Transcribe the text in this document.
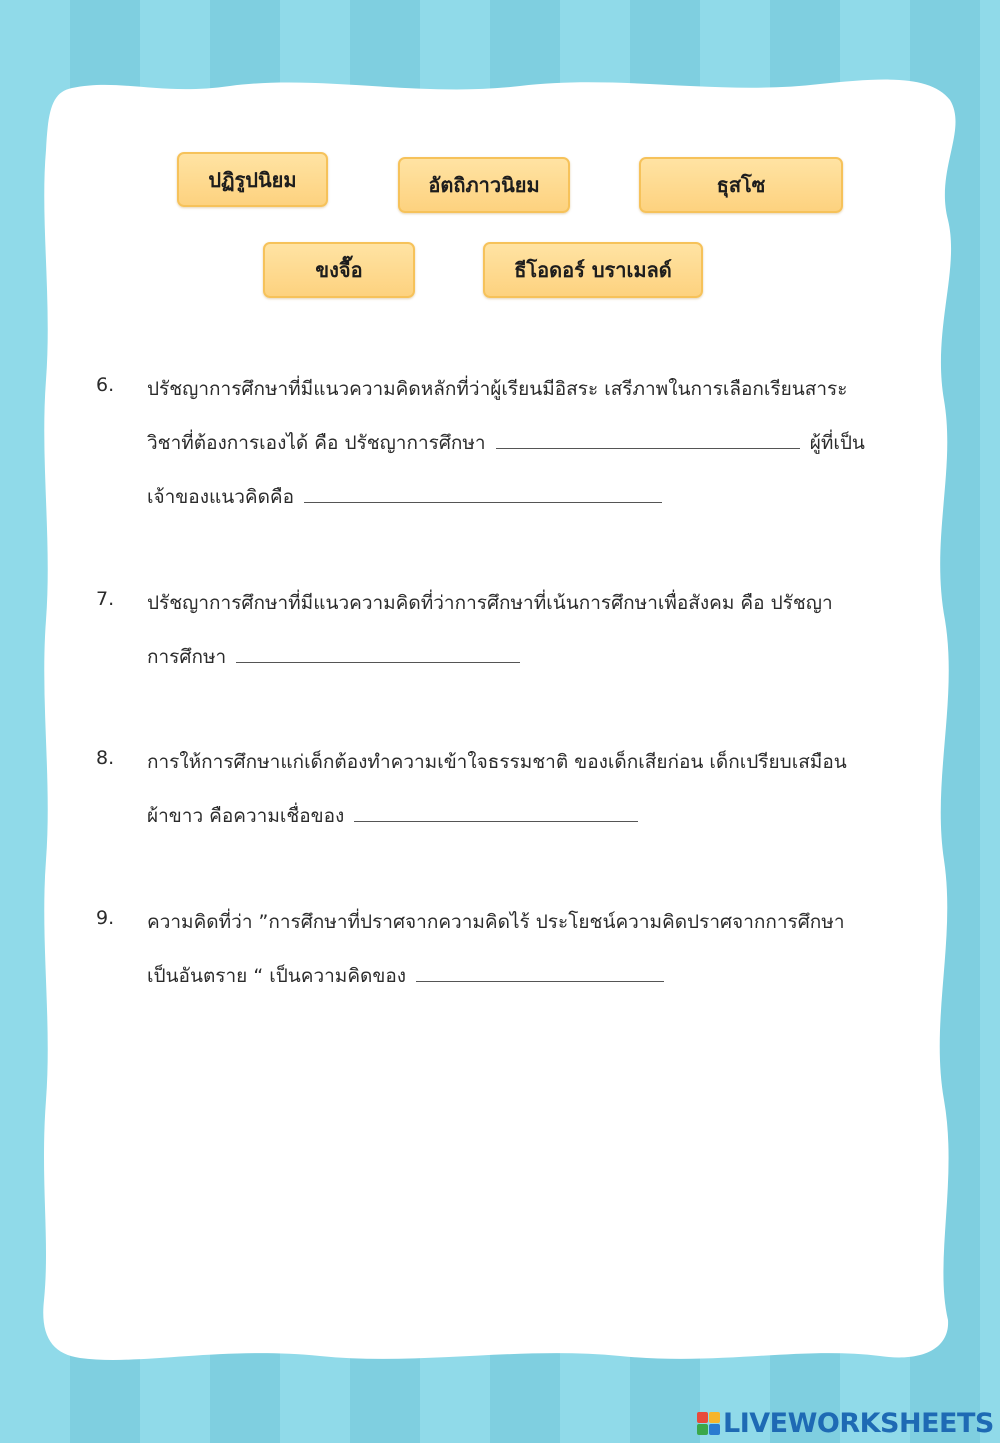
ปฏิรูปนิยม	อัตถิภาวนิยม	ธุสโซ
ขงจื๊อ	ธีโอดอร์ บราเมลด์
6. ปรัชญาการศึกษาที่มีแนวความคิดหลักที่ว่าผู้เรียนมีอิสระ เสรีภาพในการเลือกเรียนสาระ
วิชาที่ต้องการเองได้ คือ ปรัชญาการศึกษา	ผู้ที่เป็น
เจ้าของแนวคิดคือ
7. ปรัชญาการศึกษาที่มีแนวความคิดที่ว่าการศึกษาที่เน้นการศึกษาเพื่อสังคม คือ ปรัชญา
การศึกษา
8. การให้การศึกษาแก่เด็กต้องทำความเข้าใจธรรมชาติ ของเด็กเสียก่อน เด็กเปรียบเสมือน
ผ้าขาว คือความเชื่อของ
9. ความคิดที่ว่า ”การศึกษาที่ปราศจากความคิดไร้ ประโยชน์ความคิดปราศจากการศึกษา
เป็นอันตราย “ เป็นความคิดของ
LIVEWORKSHEETS
